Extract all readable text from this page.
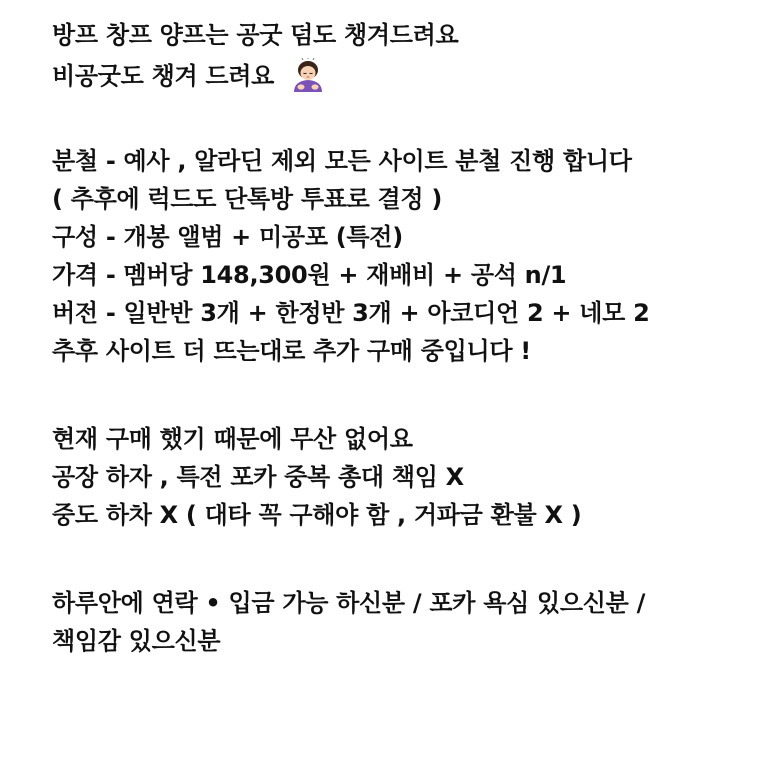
방프 창프 양프는 공굿 덤도 챙겨드려요
비공굿도 챙겨 드려요
분철 - 예사 , 알라딘 제외 모든 사이트 분철 진행 합니다
( 추후에 럭드도 단톡방 투표로 결정 )
구성 - 개봉 앨범 + 미공포 (특전)
가격 - 멤버당 148,300원 + 재배비 + 공석 n/1
버전 - 일반반 3개 + 한정반 3개 + 아코디언 2 + 네모 2
추후 사이트 더 뜨는대로 추가 구매 중입니다 !
현재 구매 했기 때문에 무산 없어요
공장 하자 , 특전 포카 중복 총대 책임 X
중도 하차 X ( 대타 꼭 구해야 함 , 거파금 환불 X )
하루안에 연락 • 입금 가능 하신분 / 포카 욕심 있으신분 /
책임감 있으신분
